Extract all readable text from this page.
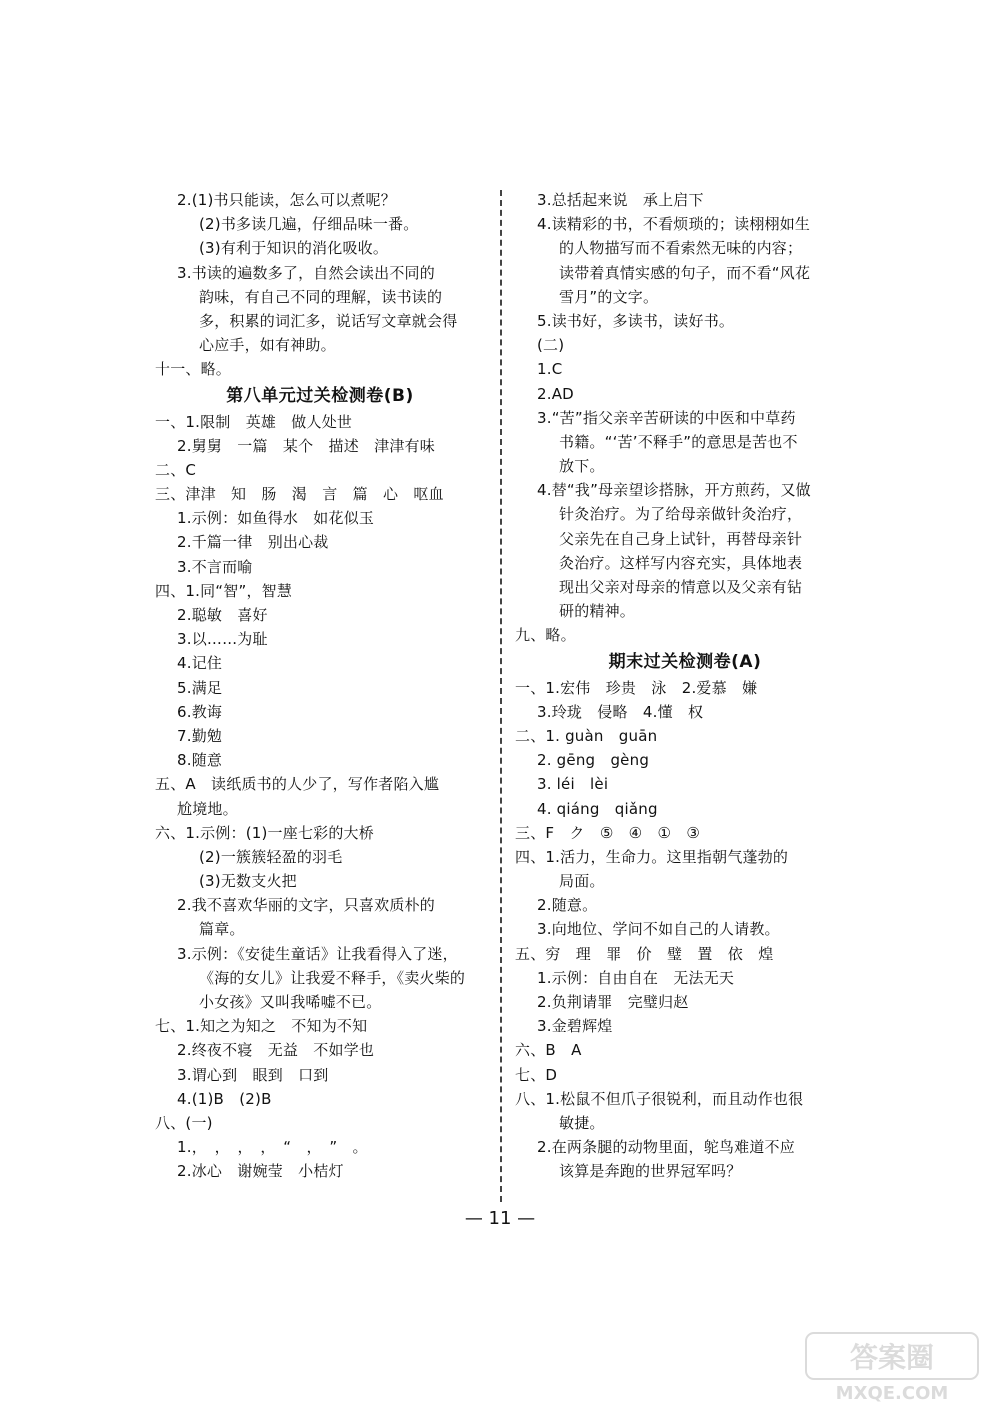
2.(1)书只能读，怎么可以煮呢？
(2)书多读几遍，仔细品味一番。
(3)有利于知识的消化吸收。
3.书读的遍数多了，自然会读出不同的
韵味，有自己不同的理解，读书读的
多，积累的词汇多，说话写文章就会得
心应手，如有神助。
十一、略。
第八单元过关检测卷(B)
一、1.限制　英雄　做人处世
2.舅舅　一篇　某个　描述　津津有味
二、C
三、津津　知　肠　渴　言　篇　心　呕血
1.示例：如鱼得水　如花似玉
2.千篇一律　别出心裁
3.不言而喻
四、1.同“智”，智慧
2.聪敏　喜好
3.以……为耻
4.记住
5.满足
6.教诲
7.勤勉
8.随意
五、A　读纸质书的人少了，写作者陷入尴
尬境地。
六、1.示例：(1)一座七彩的大桥
(2)一簇簇轻盈的羽毛
(3)无数支火把
2.我不喜欢华丽的文字，只喜欢质朴的
篇章。
3.示例：《安徒生童话》让我看得入了迷，
《海的女儿》让我爱不释手，《卖火柴的
小女孩》又叫我唏嘘不已。
七、1.知之为知之　不知为不知
2.终夜不寝　无益　不如学也
3.谓心到　眼到　口到
4.(1)B　(2)B
八、(一)
1.，　，　，　，　“　，　”　。
2.冰心　谢婉莹　小桔灯
3.总括起来说　承上启下
4.读精彩的书，不看烦琐的；读栩栩如生
的人物描写而不看索然无味的内容；
读带着真情实感的句子，而不看“风花
雪月”的文字。
5.读书好，多读书，读好书。
(二)
1.C
2.AD
3.“苦”指父亲辛苦研读的中医和中草药
书籍。“‘苦’不释手”的意思是苦也不
放下。
4.替“我”母亲望诊搭脉，开方煎药，又做
针灸治疗。为了给母亲做针灸治疗，
父亲先在自己身上试针，再替母亲针
灸治疗。这样写内容充实，具体地表
现出父亲对母亲的情意以及父亲有钻
研的精神。
九、略。
期末过关检测卷(A)
一、1.宏伟　珍贵　泳　2.爱慕　嫌
3.玲珑　侵略　4.懂　权
二、1. guàn　guān
2. gēng　gèng
3. léi　lèi
4. qiáng　qiǎng
三、F　ク　⑤　④　①　③
四、1.活力，生命力。这里指朝气蓬勃的
局面。
2.随意。
3.向地位、学问不如自己的人请教。
五、穷　理　罪　价　璧　置　依　煌
1.示例：自由自在　无法无天
2.负荆请罪　完璧归赵
3.金碧辉煌
六、B　A
七、D
八、1.松鼠不但爪子很锐利，而且动作也很
敏捷。
2.在两条腿的动物里面，鸵鸟难道不应
该算是奔跑的世界冠军吗？
— 11 —
答案圈
MXQE.COM
